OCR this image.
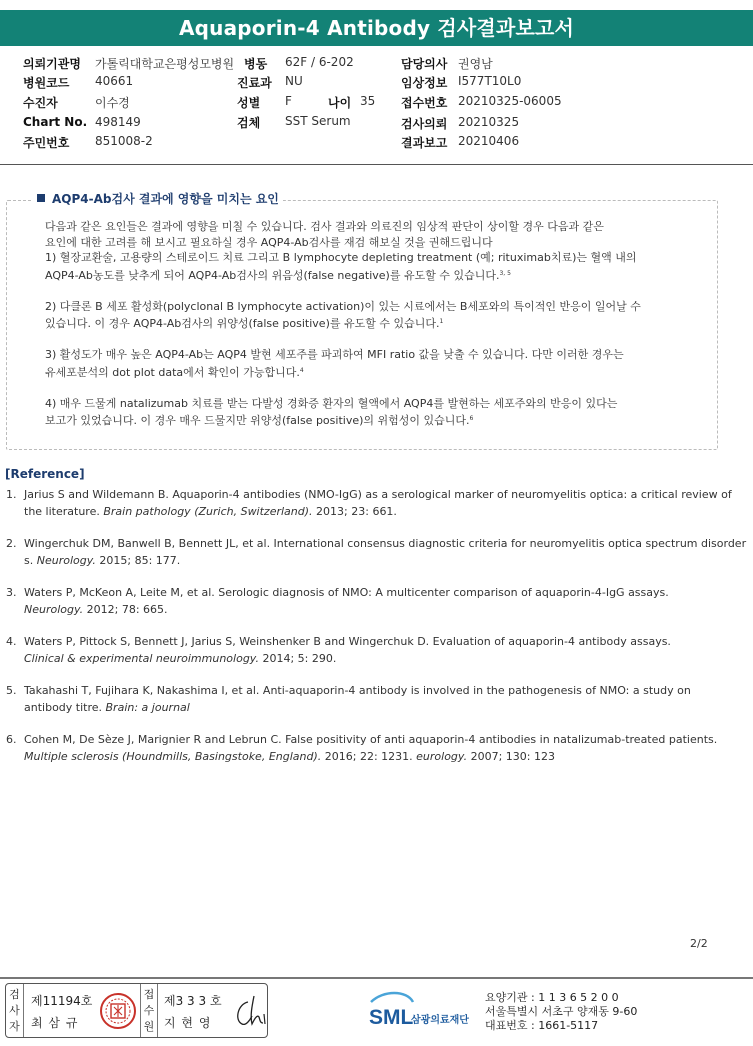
Aquaporin-4 Antibody 검사결과보고서
의뢰기관명 가톨릭대학교은평성모병원 병동 62F / 6-202	담당의사 권영남
병원코드 40661	진료과 NU	임상정보 I577T10L0
수진자	이수경	성별 F	나이 35 접수번호 20210325-06005
Chart No. 498149	검체 SST Serum	검사의뢰 20210325
주민번호 851008-2	결과보고 20210406
AQP4-Ab검사 결과에 영향을 미치는 요인

다음과 같은 요인들은 결과에 영향을 미칠 수 있습니다. 검사 결과와 의료진의 임상적 판단이 상이할 경우 다음과 같은

요인에 대한 고려를 해 보시고 필요하실 경우 AQP4-Ab검사를 재검 해보실 것을 권해드립니다

1) 혈장교환술, 고용량의 스테로이드 치료 그리고 B lymphocyte depleting treatment (예; rituximab치료)는 혈액 내의

AQP4-Ab농도를 낮추게 되어 AQP4-Ab검사의 위음성(false negative)를 유도할 수 있습니다.$^{3, 5}$

2) 다클론 B 세포 활성화(polyclonal B lymphocyte activation)이 있는 시료에서는 B세포와의 특이적인 반응이 일어날 수

있습니다. 이 경우 AQP4-Ab검사의 위양성(false positive)를 유도할 수 있습니다.$^1$

3) 활성도가 매우 높은 AQP4-Ab는 AQP4 발현 세포주를 파괴하여 MFI ratio 값을 낮출 수 있습니다. 다만 이러한 경우는

유세포분석의 dot plot data에서 확인이 가능합니다.$^4$

4) 매우 드물게 natalizumab 치료를 받는 다발성 경화증 환자의 혈액에서 AQP4를 발현하는 세포주와의 반응이 있다는

보고가 있었습니다. 이 경우 매우 드물지만 위양성(false positive)의 위험성이 있습니다.$^6$

[Reference]
1. Jarius S and Wildemann B. Aquaporin-4 antibodies (NMO-IgG) as a serological marker of neuromyelitis optica: a critical review of
the literature. Brain pathology (Zurich, Switzerland). 2013; 23: 661.
2. Wingerchuk DM, Banwell B, Bennett JL, et al. International consensus diagnostic criteria for neuromyelitis optica spectrum disorder
s. Neurology. 2015; 85: 177.
3. Waters P, McKeon A, Leite M, et al. Serologic diagnosis of NMO: A multicenter comparison of aquaporin-4-IgG assays.
Neurology. 2012; 78: 665.
4. Waters P, Pittock S, Bennett J, Jarius S, Weinshenker B and Wingerchuk D. Evaluation of aquaporin-4 antibody assays.
Clinical & experimental neuroimmunology. 2014; 5: 290.
5. Takahashi T, Fujihara K, Nakashima I, et al. Anti-aquaporin-4 antibody is involved in the pathogenesis of NMO: a study on
antibody titre. Brain: a journal
6. Cohen M, De Sèze J, Marignier R and Lebrun C. False positivity of anti aquaporin-4 antibodies in natalizumab-treated patients.
Multiple sclerosis (Houndmills, Basingstoke, England). 2016; 22: 1231. eurology. 2007; 130: 123
2/2
검
사
자
제11194호
최 삼 규
접
수
원
제3 3 3 호
지 현 영	SML
삼광의료재단
요양기관 : 1 1 3 6 5 2 0 0
서울특별시 서초구 양재동 9-60
대표번호 : 1661-5117
